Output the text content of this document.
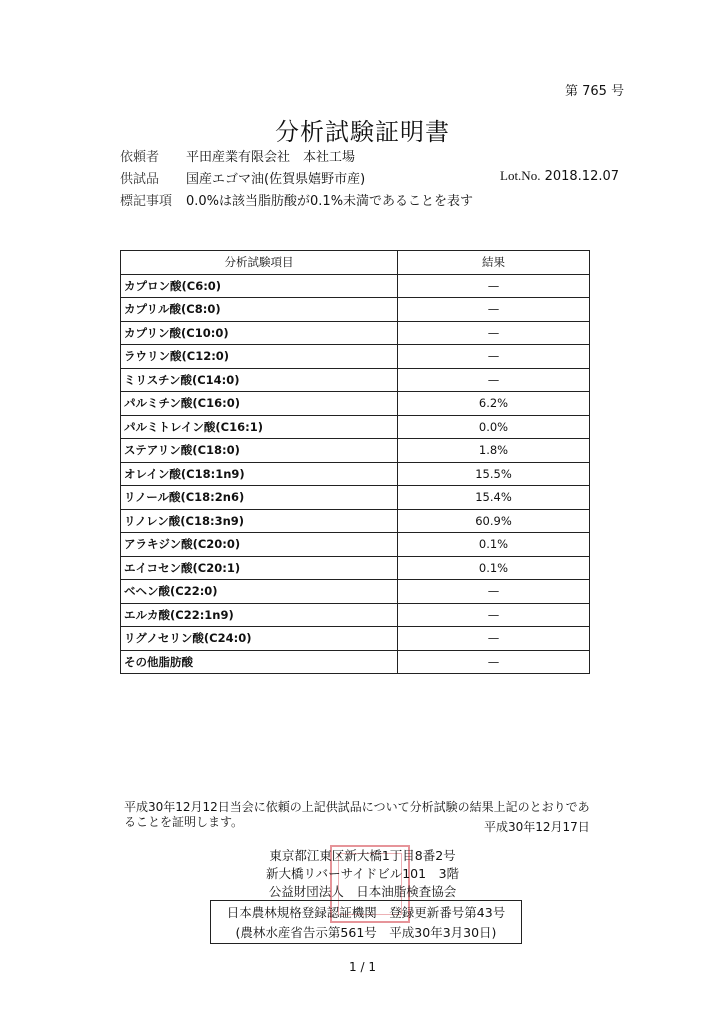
第 765 号
分析試験証明書
依頼者 平田産業有限会社　本社工場
供試品 国産エゴマ油(佐賀県嬉野市産)
標記事項 0.0%は該当脂肪酸が0.1%未満であることを表す
Lot.No. 2018.12.07
分析試験項目	結果
カプロン酸(C6:0)	—
カプリル酸(C8:0)	—
カプリン酸(C10:0)	—
ラウリン酸(C12:0)	—
ミリスチン酸(C14:0)	—
パルミチン酸(C16:0)	6.2%
パルミトレイン酸(C16:1)	0.0%
ステアリン酸(C18:0)	1.8%
オレイン酸(C18:1n9)	15.5%
リノール酸(C18:2n6)	15.4%
リノレン酸(C18:3n9)	60.9%
アラキジン酸(C20:0)	0.1%
エイコセン酸(C20:1)	0.1%
ベヘン酸(C22:0)	—
エルカ酸(C22:1n9)	—
リグノセリン酸(C24:0)	—
その他脂肪酸	—
平成30年12月12日当会に依頼の上記供試品について分析試験の結果上記のとおりであることを証明します。	平成30年12月17日
東京都江東区新大橋1丁目8番2号
新大橋リバーサイドビル101　3階
公益財団法人　日本油脂検査協会
日本農林規格登録認証機関　登録更新番号第43号
(農林水産省告示第561号　平成30年3月30日)
1 / 1
